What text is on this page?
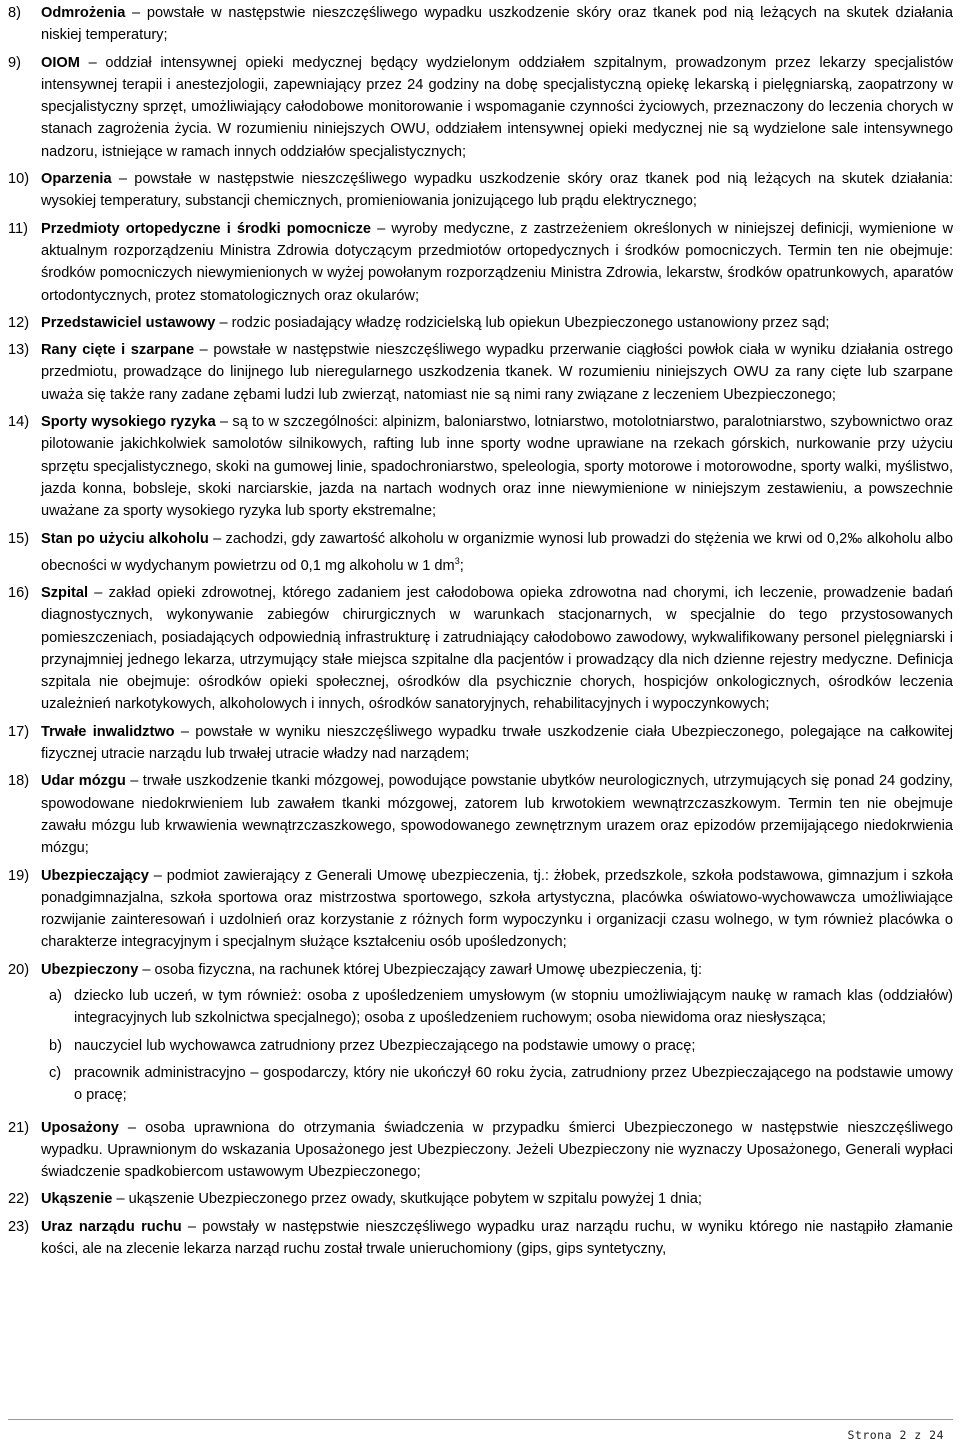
8)	Odmrożenia – powstałe w następstwie nieszczęśliwego wypadku uszkodzenie skóry oraz tkanek pod nią leżących na skutek działania niskiej temperatury;
9)	OIOM – oddział intensywnej opieki medycznej będący wydzielonym oddziałem szpitalnym, prowadzonym przez lekarzy specjalistów intensywnej terapii i anestezjologii, zapewniający przez 24 godziny na dobę specjalistyczną opiekę lekarską i pielęgniarską, zaopatrzony w specjalistyczny sprzęt, umożliwiający całodobowe monitorowanie i wspomaganie czynności życiowych, przeznaczony do leczenia chorych w stanach zagrożenia życia. W rozumieniu niniejszych OWU, oddziałem intensywnej opieki medycznej nie są wydzielone sale intensywnego nadzoru, istniejące w ramach innych oddziałów specjalistycznych;
10) Oparzenia – powstałe w następstwie nieszczęśliwego wypadku uszkodzenie skóry oraz tkanek pod nią leżących na skutek działania: wysokiej temperatury, substancji chemicznych, promieniowania jonizującego lub prądu elektrycznego;
11) Przedmioty ortopedyczne i środki pomocnicze – wyroby medyczne, z zastrzeżeniem określonych w niniejszej definicji, wymienione w aktualnym rozporządzeniu Ministra Zdrowia dotyczącym przedmiotów ortopedycznych i środków pomocniczych. Termin ten nie obejmuje: środków pomocniczych niewymienionych w wyżej powołanym rozporządzeniu Ministra Zdrowia, lekarstw, środków opatrunkowych, aparatów ortodontycznych, protez stomatologicznych oraz okularów;
12) Przedstawiciel ustawowy – rodzic posiadający władzę rodzicielską lub opiekun Ubezpieczonego ustanowiony przez sąd;
13) Rany cięte i szarpane – powstałe w następstwie nieszczęśliwego wypadku przerwanie ciągłości powłok ciała w wyniku działania ostrego przedmiotu, prowadzące do linijnego lub nieregularnego uszkodzenia tkanek. W rozumieniu niniejszych OWU za rany cięte lub szarpane uważa się także rany zadane zębami ludzi lub zwierząt, natomiast nie są nimi rany związane z leczeniem Ubezpieczonego;
14) Sporty wysokiego ryzyka – są to w szczególności: alpinizm, baloniarstwo, lotniarstwo, motolotniarstwo, paralotniarstwo, szybownictwo oraz pilotowanie jakichkolwiek samolotów silnikowych, rafting lub inne sporty wodne uprawiane na rzekach górskich, nurkowanie przy użyciu sprzętu specjalistycznego, skoki na gumowej linie, spadochroniarstwo, speleologia, sporty motorowe i motorowodne, sporty walki, myślistwo, jazda konna, bobsleje, skoki narciarskie, jazda na nartach wodnych oraz inne niewymienione w niniejszym zestawieniu, a powszechnie uważane za sporty wysokiego ryzyka lub sporty ekstremalne;
15) Stan po użyciu alkoholu – zachodzi, gdy zawartość alkoholu w organizmie wynosi lub prowadzi do stężenia we krwi od 0,2‰ alkoholu albo obecności w wydychanym powietrzu od 0,1 mg alkoholu w 1 $dm^3$;
16) Szpital – zakład opieki zdrowotnej, którego zadaniem jest całodobowa opieka zdrowotna nad chorymi, ich leczenie, prowadzenie badań diagnostycznych, wykonywanie zabiegów chirurgicznych w warunkach stacjonarnych, w specjalnie do tego przystosowanych pomieszczeniach, posiadających odpowiednią infrastrukturę i zatrudniający całodobowo zawodowy, wykwalifikowany personel pielęgniarski i przynajmniej jednego lekarza, utrzymujący stałe miejsca szpitalne dla pacjentów i prowadzący dla nich dzienne rejestry medyczne. Definicja szpitala nie obejmuje: ośrodków opieki społecznej, ośrodków dla psychicznie chorych, hospicjów onkologicznych, ośrodków leczenia uzależnień narkotykowych, alkoholowych i innych, ośrodków sanatoryjnych, rehabilitacyjnych i wypoczynkowych;
17) Trwałe inwalidztwo – powstałe w wyniku nieszczęśliwego wypadku trwałe uszkodzenie ciała Ubezpieczonego, polegające na całkowitej fizycznej utracie narządu lub trwałej utracie władzy nad narządem;
18) Udar mózgu – trwałe uszkodzenie tkanki mózgowej, powodujące powstanie ubytków neurologicznych, utrzymujących się ponad 24 godziny, spowodowane niedokrwieniem lub zawałem tkanki mózgowej, zatorem lub krwotokiem wewnątrzczaszkowym. Termin ten nie obejmuje zawału mózgu lub krwawienia wewnątrzczaszkowego, spowodowanego zewnętrznym urazem oraz epizodów przemijającego niedokrwienia mózgu;
19) Ubezpieczający – podmiot zawierający z Generali Umowę ubezpieczenia, tj.: żłobek, przedszkole, szkoła podstawowa, gimnazjum i szkoła ponadgimnazjalna, szkoła sportowa oraz mistrzostwa sportowego, szkoła artystyczna, placówka oświatowo-wychowawcza umożliwiające rozwijanie zainteresowań i uzdolnień oraz korzystanie z różnych form wypoczynku i organizacji czasu wolnego, w tym również placówka o charakterze integracyjnym i specjalnym służące kształceniu osób upośledzonych;
20) Ubezpieczony – osoba fizyczna, na rachunek której Ubezpieczający zawarł Umowę ubezpieczenia, tj:
a) dziecko lub uczeń, w tym również: osoba z upośledzeniem umysłowym (w stopniu umożliwiającym naukę w ramach klas (oddziałów) integracyjnych lub szkolnictwa specjalnego); osoba z upośledzeniem ruchowym; osoba niewidoma oraz niesłysząca;
b) nauczyciel lub wychowawca zatrudniony przez Ubezpieczającego na podstawie umowy o pracę;
c) pracownik administracyjno – gospodarczy, który nie ukończył 60 roku życia, zatrudniony przez Ubezpieczającego na podstawie umowy o pracę;
21) Uposażony – osoba uprawniona do otrzymania świadczenia w przypadku śmierci Ubezpieczonego w następstwie nieszczęśliwego wypadku. Uprawnionym do wskazania Uposażonego jest Ubezpieczony. Jeżeli Ubezpieczony nie wyznaczy Uposażonego, Generali wypłaci świadczenie spadkobiercom ustawowym Ubezpieczonego;
22) Ukąszenie – ukąszenie Ubezpieczonego przez owady, skutkujące pobytem w szpitalu powyżej 1 dnia;
23) Uraz narządu ruchu – powstały w następstwie nieszczęśliwego wypadku uraz narządu ruchu, w wyniku którego nie nastąpiło złamanie kości, ale na zlecenie lekarza narząd ruchu został trwale unieruchomiony (gips, gips syntetyczny,
Strona 2 z 24
